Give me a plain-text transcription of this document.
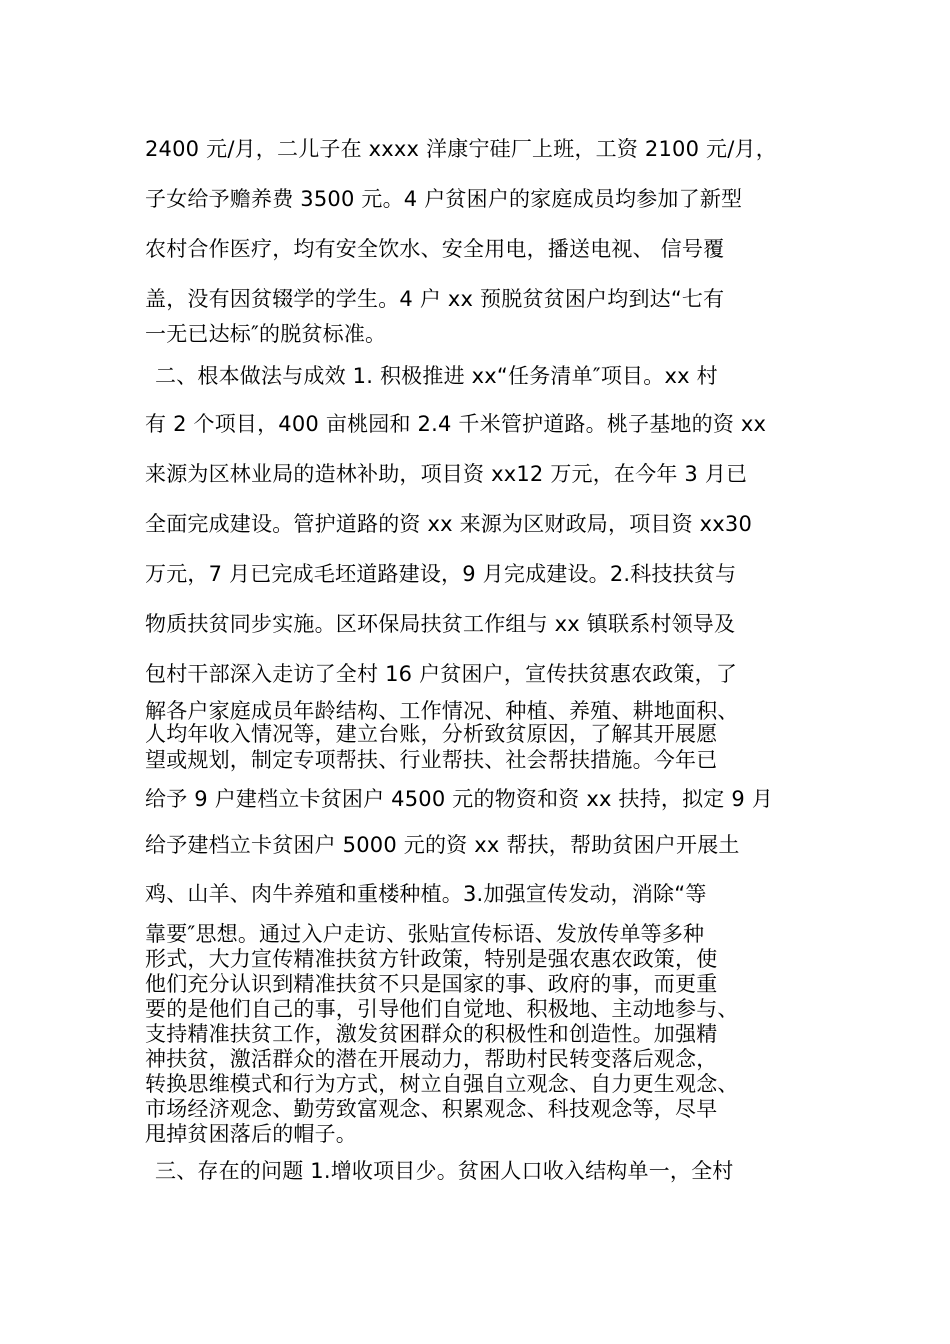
2400 元/月，二儿子在 xxxx 洋康宁硅厂上班，工资 2100 元/月，
子女给予赡养费 3500 元。4 户贫困户的家庭成员均参加了新型
农村合作医疗，均有安全饮水、安全用电，播送电视、 信号覆
盖，没有因贫辍学的学生。4 户 xx 预脱贫贫困户均到达“七有
一无已达标″的脱贫标准。
二、根本做法与成效 1. 积极推进 xx“任务清单″项目。xx 村
有 2 个项目，400 亩桃园和 2.4 千米管护道路。桃子基地的资 xx
来源为区林业局的造林补助，项目资 xx12 万元，在今年 3 月已
全面完成建设。管护道路的资 xx 来源为区财政局，项目资 xx30
万元，7 月已完成毛坯道路建设，9 月完成建设。2.科技扶贫与
物质扶贫同步实施。区环保局扶贫工作组与 xx 镇联系村领导及
包村干部深入走访了全村 16 户贫困户，宣传扶贫惠农政策，了
解各户家庭成员年龄结构、工作情况、种植、养殖、耕地面积、
人均年收入情况等，建立台账，分析致贫原因，了解其开展愿
望或规划，制定专项帮扶、行业帮扶、社会帮扶措施。今年已
给予 9 户建档立卡贫困户 4500 元的物资和资 xx 扶持，拟定 9 月
给予建档立卡贫困户 5000 元的资 xx 帮扶，帮助贫困户开展土
鸡、山羊、肉牛养殖和重楼种植。3.加强宣传发动，消除“等
靠要″思想。通过入户走访、张贴宣传标语、发放传单等多种
形式，大力宣传精准扶贫方针政策，特别是强农惠农政策，使
他们充分认识到精准扶贫不只是国家的事、政府的事，而更重
要的是他们自己的事，引导他们自觉地、积极地、主动地参与、
支持精准扶贫工作，激发贫困群众的积极性和创造性。加强精
神扶贫，激活群众的潜在开展动力，帮助村民转变落后观念，
转换思维模式和行为方式，树立自强自立观念、自力更生观念、
市场经济观念、勤劳致富观念、积累观念、科技观念等，尽早
甩掉贫困落后的帽子。
三、存在的问题 1.增收项目少。贫困人口收入结构单一，全村
